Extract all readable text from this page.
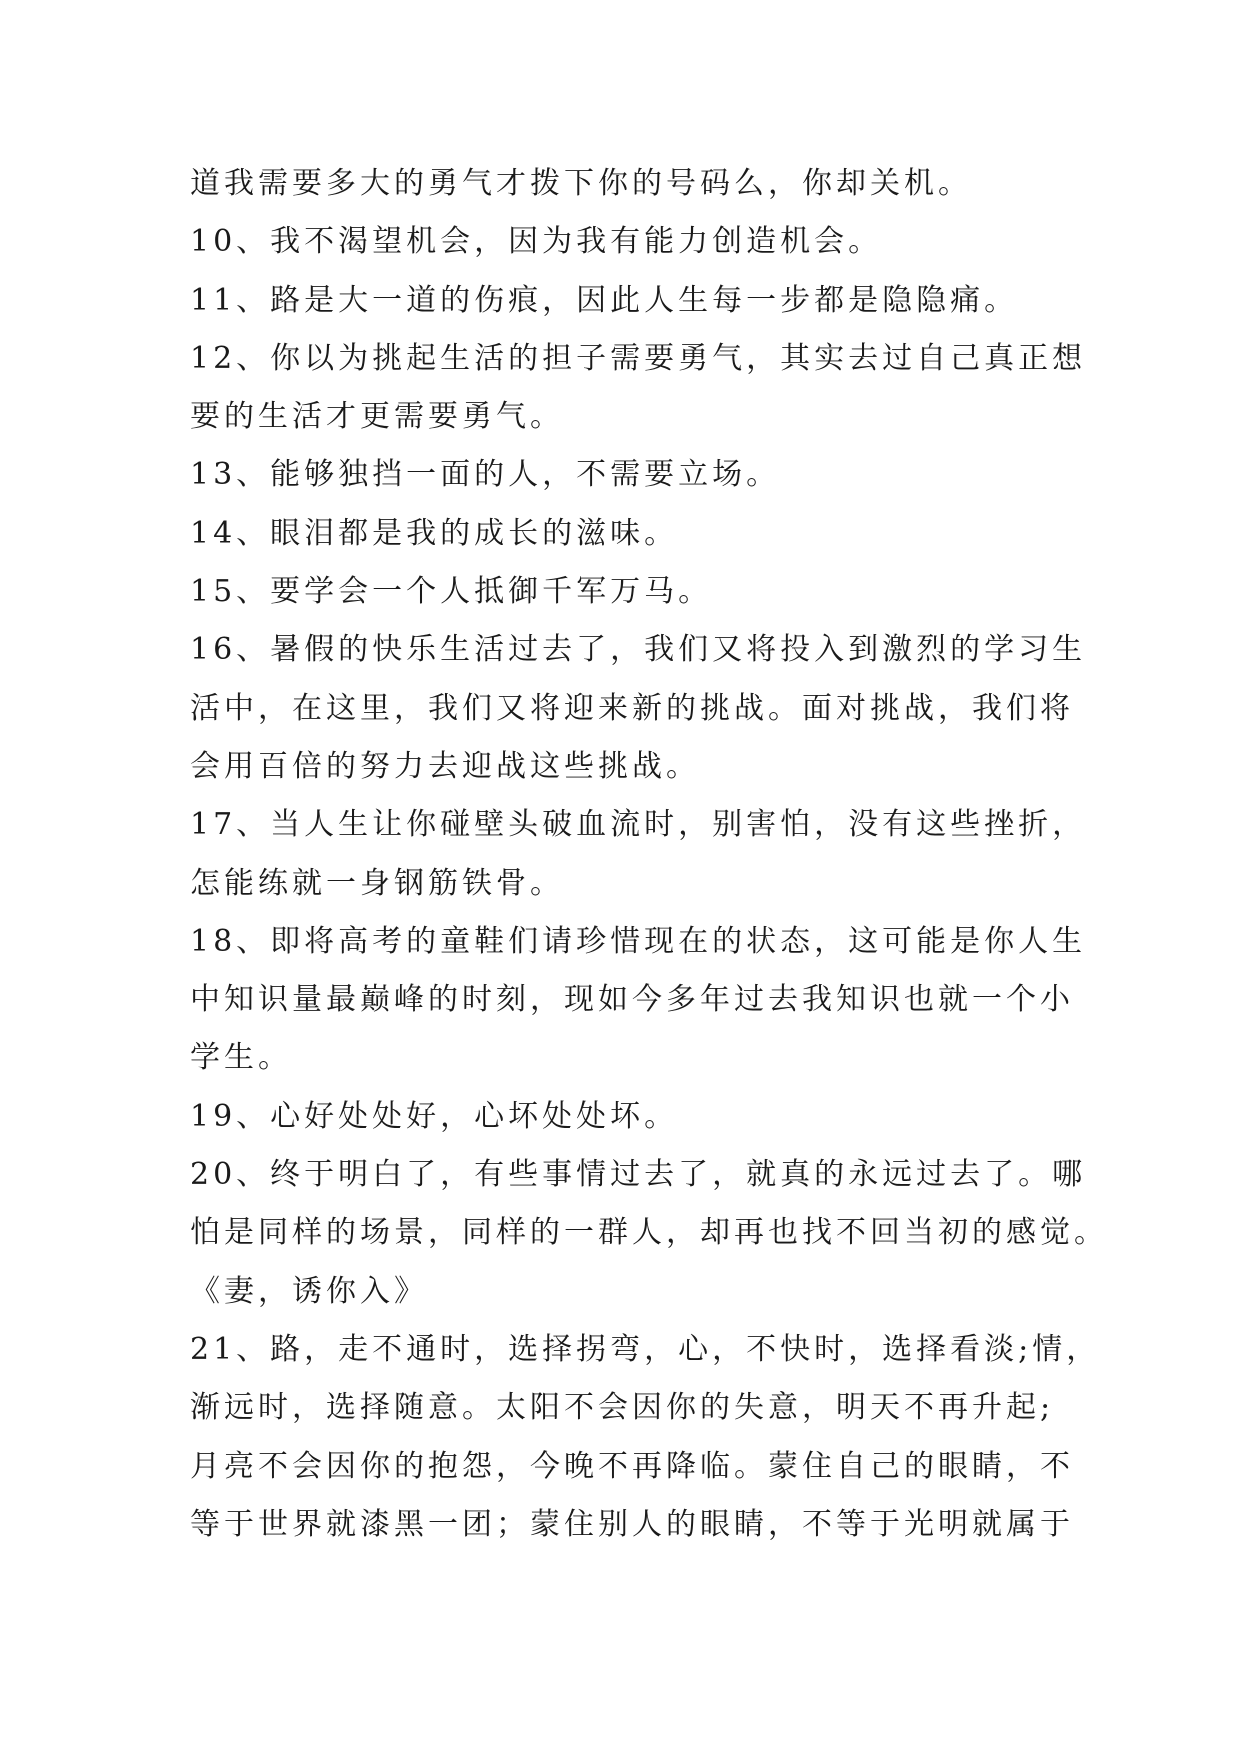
道我需要多大的勇气才拨下你的号码么，你却关机。
10、我不渴望机会，因为我有能力创造机会。
11、路是大一道的伤痕，因此人生每一步都是隐隐痛。
12、你以为挑起生活的担子需要勇气，其实去过自己真正想
要的生活才更需要勇气。
13、能够独挡一面的人，不需要立场。
14、眼泪都是我的成长的滋味。
15、要学会一个人抵御千军万马。
16、暑假的快乐生活过去了，我们又将投入到激烈的学习生
活中，在这里，我们又将迎来新的挑战。面对挑战，我们将
会用百倍的努力去迎战这些挑战。
17、当人生让你碰壁头破血流时，别害怕，没有这些挫折，
怎能练就一身钢筋铁骨。
18、即将高考的童鞋们请珍惜现在的状态，这可能是你人生
中知识量最巅峰的时刻，现如今多年过去我知识也就一个小
学生。
19、心好处处好，心坏处处坏。
20、终于明白了，有些事情过去了，就真的永远过去了。哪
怕是同样的场景，同样的一群人，却再也找不回当初的感觉。
《妻，诱你入》
21、路，走不通时，选择拐弯，心，不快时，选择看淡;情，
渐远时，选择随意。太阳不会因你的失意，明天不再升起;
月亮不会因你的抱怨，今晚不再降临。蒙住自己的眼睛，不
等于世界就漆黑一团；蒙住别人的眼睛，不等于光明就属于
